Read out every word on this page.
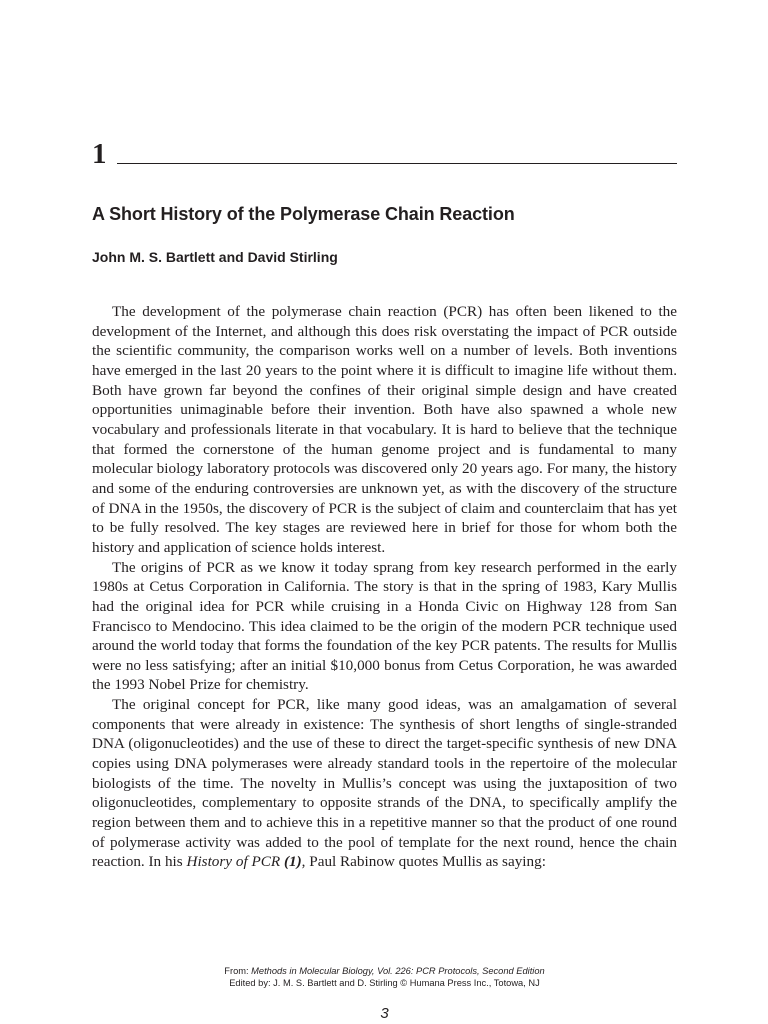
1
A Short History of the Polymerase Chain Reaction

John M. S. Bartlett and David Stirling

The development of the polymerase chain reaction (PCR) has often been likened to the development of the Internet, and although this does risk overstating the impact of PCR outside the scientific community, the comparison works well on a number of levels. Both inventions have emerged in the last 20 years to the point where it is difficult to imagine life without them. Both have grown far beyond the confines of their original simple design and have created opportunities unimaginable before their invention. Both have also spawned a whole new vocabulary and professionals literate in that vocabulary. It is hard to believe that the technique that formed the cornerstone of the human genome project and is fundamental to many molecular biology laboratory protocols was discovered only 20 years ago. For many, the history and some of the enduring controversies are unknown yet, as with the discovery of the structure of DNA in the 1950s, the discovery of PCR is the subject of claim and counterclaim that has yet to be fully resolved. The key stages are reviewed here in brief for those for whom both the history and application of science holds interest.

The origins of PCR as we know it today sprang from key research performed in the early 1980s at Cetus Corporation in California. The story is that in the spring of 1983, Kary Mullis had the original idea for PCR while cruising in a Honda Civic on Highway 128 from San Francisco to Mendocino. This idea claimed to be the origin of the modern PCR technique used around the world today that forms the foundation of the key PCR patents. The results for Mullis were no less satisfying; after an initial $10,000 bonus from Cetus Corporation, he was awarded the 1993 Nobel Prize for chemistry.

The original concept for PCR, like many good ideas, was an amalgamation of several components that were already in existence: The synthesis of short lengths of single-stranded DNA (oligonucleotides) and the use of these to direct the target-specific synthesis of new DNA copies using DNA polymerases were already standard tools in the repertoire of the molecular biologists of the time. The novelty in Mullis’s concept was using the juxtaposition of two oligonucleotides, complementary to opposite strands of the DNA, to specifically amplify the region between them and to achieve this in a repetitive manner so that the product of one round of polymerase activity was added to the pool of template for the next round, hence the chain reaction. In his History of PCR (1), Paul Rabinow quotes Mullis as saying:

From: Methods in Molecular Biology, Vol. 226: PCR Protocols, Second Edition
Edited by: J. M. S. Bartlett and D. Stirling © Humana Press Inc., Totowa, NJ
3
